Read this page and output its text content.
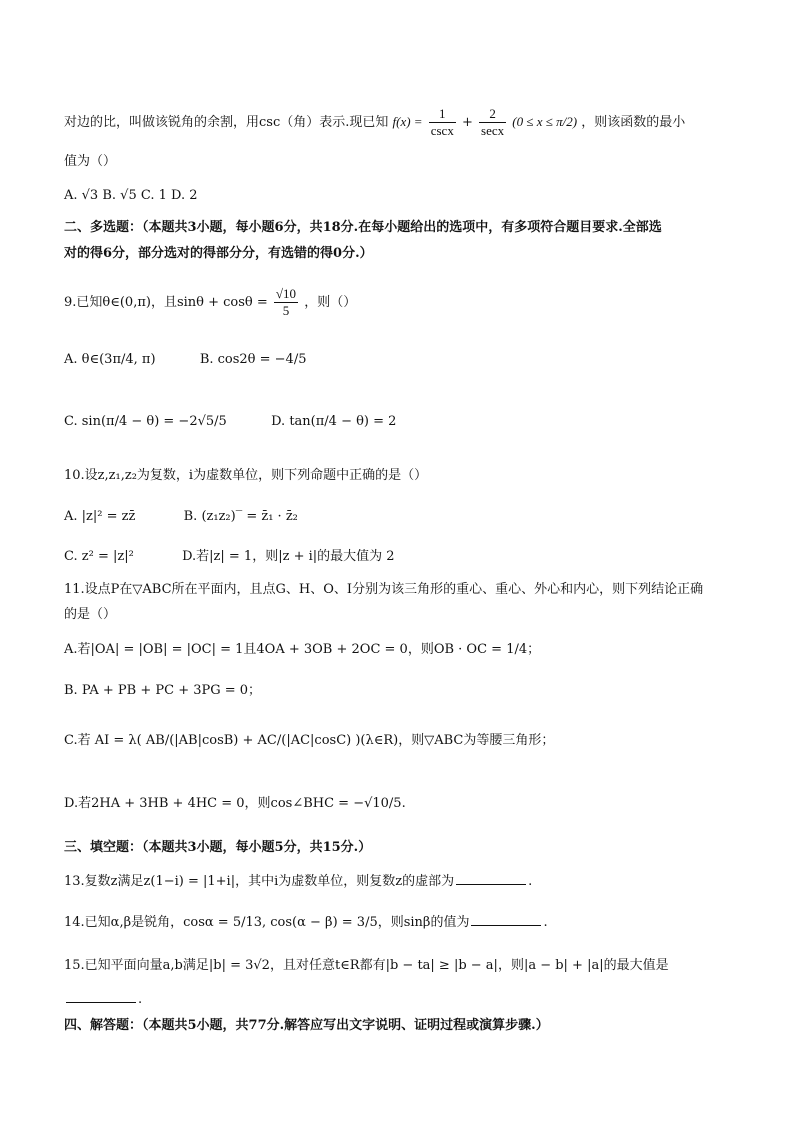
对边的比，叫做该锐角的余割，用csc（角）表示.现已知 $f(x) = \frac{1}{\csc x} + \frac{2}{\sec x} (0 \le x \le \pi/2)$ ，则该函数的最小
值为（）
A. √3 B. √5 C. 1 D. 2
二、多选题：（本题共3小题，每小题6分，共18分.在每小题给出的选项中，有多项符合题目要求.全部选
对的得6分，部分选对的得部分分，有选错的得0分.）
9.已知θ∈(0,π)，且$\sin\theta + \cos\theta = \frac{√10}{5}$ ，则（）
A. θ∈(3π/4, π)	B. cos2θ = −4/5
C. sin(π/4 − θ) = −2√5/5	D. tan(π/4 − θ) = 2
10.设z,z₁,z₂为复数，i为虚数单位，则下列命题中正确的是（）
A. |z|² = zz̄	B. (z₁z₂)‾ = z̄₁ · z̄₂
C. z² = |z|²	D.若|z| = 1，则|z + i|的最大值为 2
11.设点P在▽ABC所在平面内，且点G、H、O、I分别为该三角形的重心、重心、外心和内心，则下列结论正确
的是（）
A.若|OA| = |OB| = |OC| = 1且4OA + 3OB + 2OC = 0，则OB · OC = 1/4；
B. PA + PB + PC + 3PG = 0；
C.若 AI = λ( AB/(|AB|cosB) + AC/(|AC|cosC) )(λ∈R)，则▽ABC为等腰三角形；
D.若2HA + 3HB + 4HC = 0，则cos∠BHC = −√10/5.
三、填空题：（本题共3小题，每小题5分，共15分.）
13.复数z满足z(1−i) = |1+i|，其中i为虚数单位，则复数z的虚部为	.
14.已知α,β是锐角，cosα = 5/13, cos(α − β) = 3/5，则sinβ的值为	.
15.已知平面向量a,b满足|b| = 3√2，且对任意t∈R都有|b − ta| ≥ |b − a|，则|a − b| + |a|的最大值是
.
四、解答题：（本题共5小题，共77分.解答应写出文字说明、证明过程或演算步骤.）
